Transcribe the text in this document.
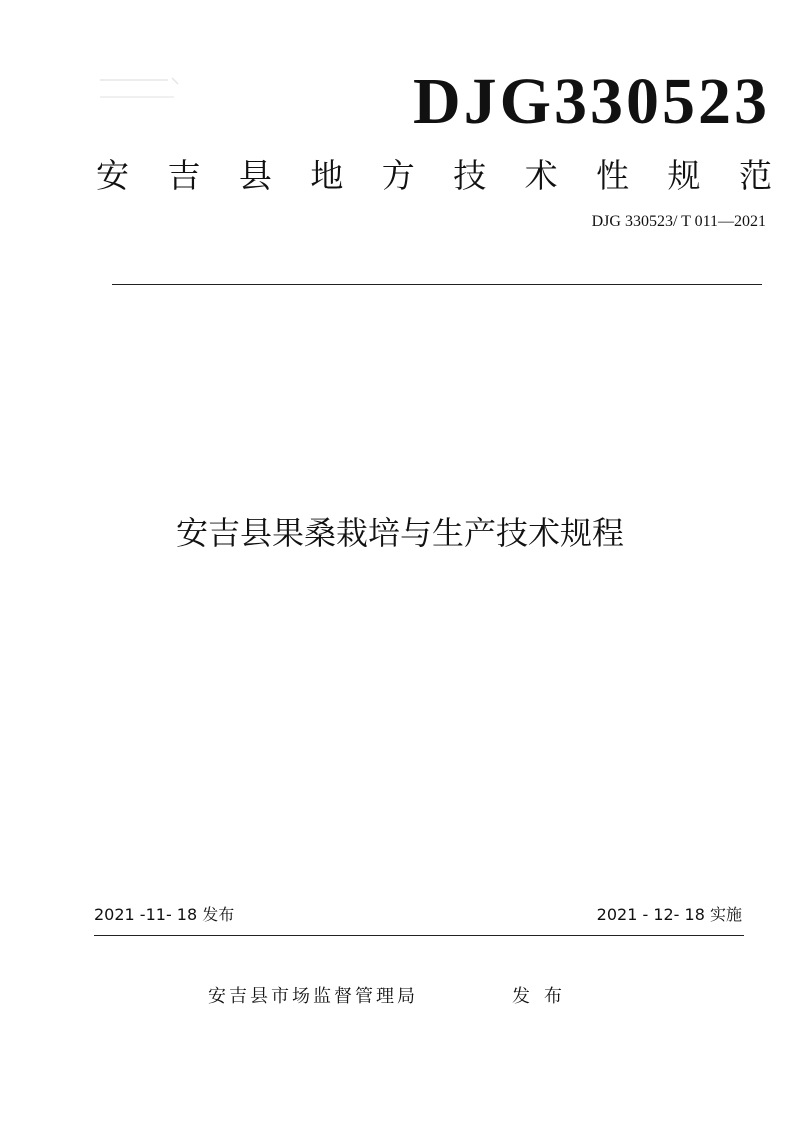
DJG330523
安 吉 县 地 方 技 术 性 规 范
DJG 330523/ T 011—2021
安吉县果桑栽培与生产技术规程
2021 -11- 18 发布	2021 - 12- 18 实施
安吉县市场监督管理局	发布
